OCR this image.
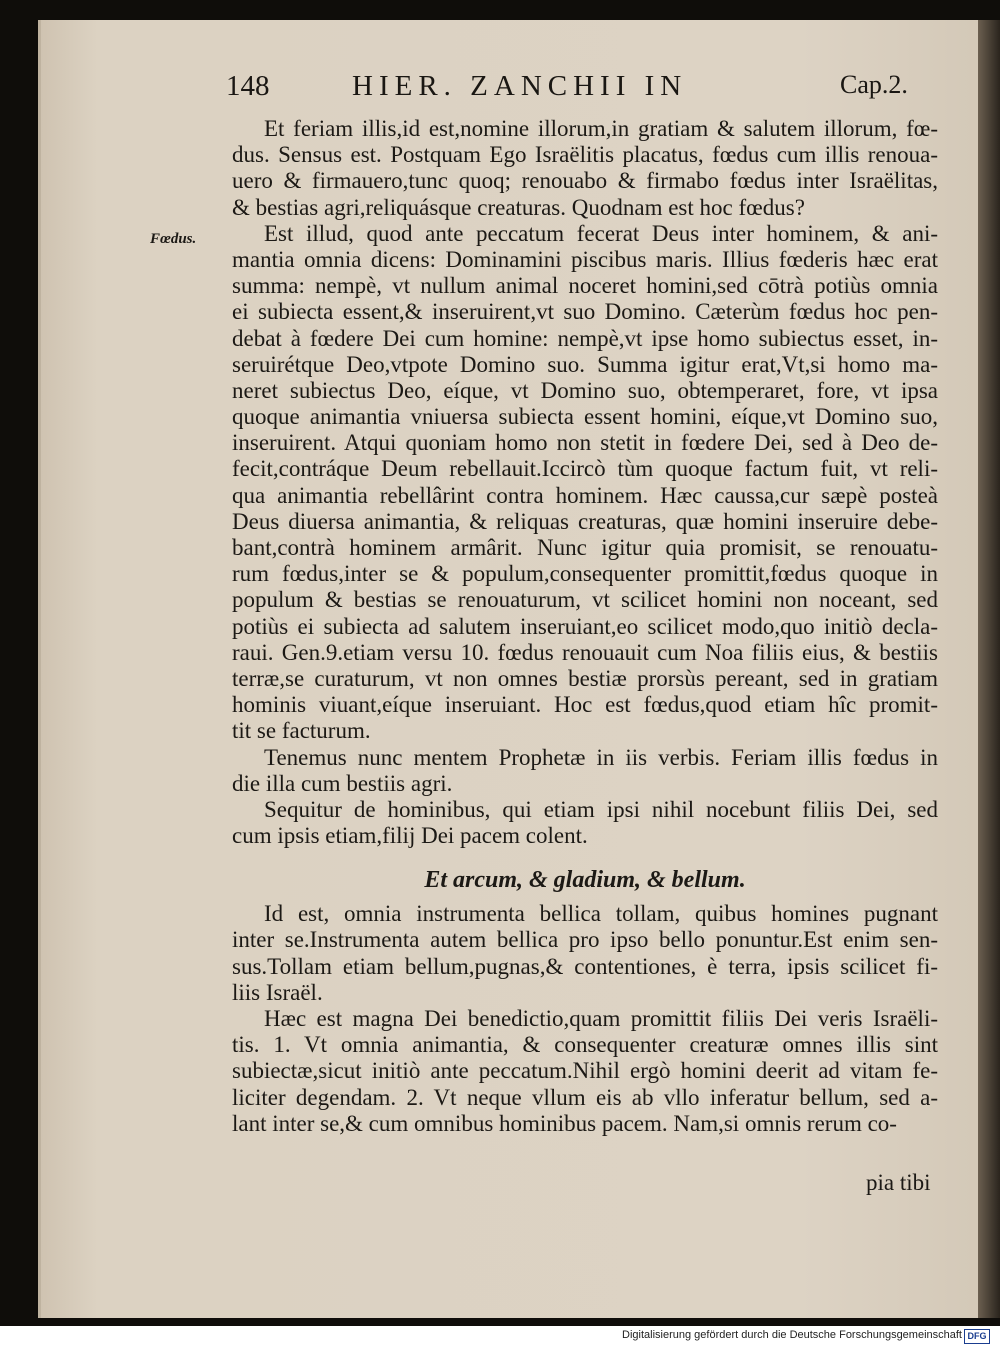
148	HIER. ZANCHII IN	Cap.2.
Fœdus.
Et feriam illis,id est,nomine illorum,in gratiam & salutem illorum, fœ-
dus. Sensus est. Postquam Ego Israëlitis placatus, fœdus cum illis renoua-
uero & firmauero,tunc quoq; renouabo & firmabo fœdus inter Israëlitas,
& bestias agri,reliquásque creaturas. Quodnam est hoc fœdus?
Est illud, quod ante peccatum fecerat Deus inter hominem, & ani-
mantia omnia dicens: Dominamini piscibus maris. Illius fœderis hæc erat
summa: nempè, vt nullum animal noceret homini,sed cōtrà potiùs omnia
ei subiecta essent,& inseruirent,vt suo Domino. Cæterùm fœdus hoc pen-
debat à fœdere Dei cum homine: nempè,vt ipse homo subiectus esset, in-
seruirétque Deo,vtpote Domino suo. Summa igitur erat,Vt,si homo ma-
neret subiectus Deo, eíque, vt Domino suo, obtemperaret, fore, vt ipsa
quoque animantia vniuersa subiecta essent homini, eíque,vt Domino suo,
inseruirent. Atqui quoniam homo non stetit in fœdere Dei, sed à Deo de-
fecit,contráque Deum rebellauit.Iccircò tùm quoque factum fuit, vt reli-
qua animantia rebellârint contra hominem. Hæc caussa,cur sæpè posteà
Deus diuersa animantia, & reliquas creaturas, quæ homini inseruire debe-
bant,contrà hominem armârit. Nunc igitur quia promisit, se renouatu-
rum fœdus,inter se & populum,consequenter promittit,fœdus quoque in
populum & bestias se renouaturum, vt scilicet homini non noceant, sed
potiùs ei subiecta ad salutem inseruiant,eo scilicet modo,quo initiò decla-
raui. Gen.9.etiam versu 10. fœdus renouauit cum Noa filiis eius, & bestiis
terræ,se curaturum, vt non omnes bestiæ prorsùs pereant, sed in gratiam
hominis viuant,eíque inseruiant. Hoc est fœdus,quod etiam hîc promit-
tit se facturum.
Tenemus nunc mentem Prophetæ in iis verbis. Feriam illis fœdus in
die illa cum bestiis agri.
Sequitur de hominibus, qui etiam ipsi nihil nocebunt filiis Dei, sed
cum ipsis etiam,filij Dei pacem colent.
Et arcum, & gladium, & bellum.
Id est, omnia instrumenta bellica tollam, quibus homines pugnant
inter se.Instrumenta autem bellica pro ipso bello ponuntur.Est enim sen-
sus.Tollam etiam bellum,pugnas,& contentiones, è terra, ipsis scilicet fi-
liis Israël.
Hæc est magna Dei benedictio,quam promittit filiis Dei veris Israëli-
tis. 1. Vt omnia animantia, & consequenter creaturæ omnes illis sint
subiectæ,sicut initiò ante peccatum.Nihil ergò homini deerit ad vitam fe-
liciter degendam. 2. Vt neque vllum eis ab vllo inferatur bellum, sed a-
lant inter se,& cum omnibus hominibus pacem. Nam,si omnis rerum co-
pia tibi
Digitalisierung gefördert durch die Deutsche Forschungsgemeinschaft DFG
